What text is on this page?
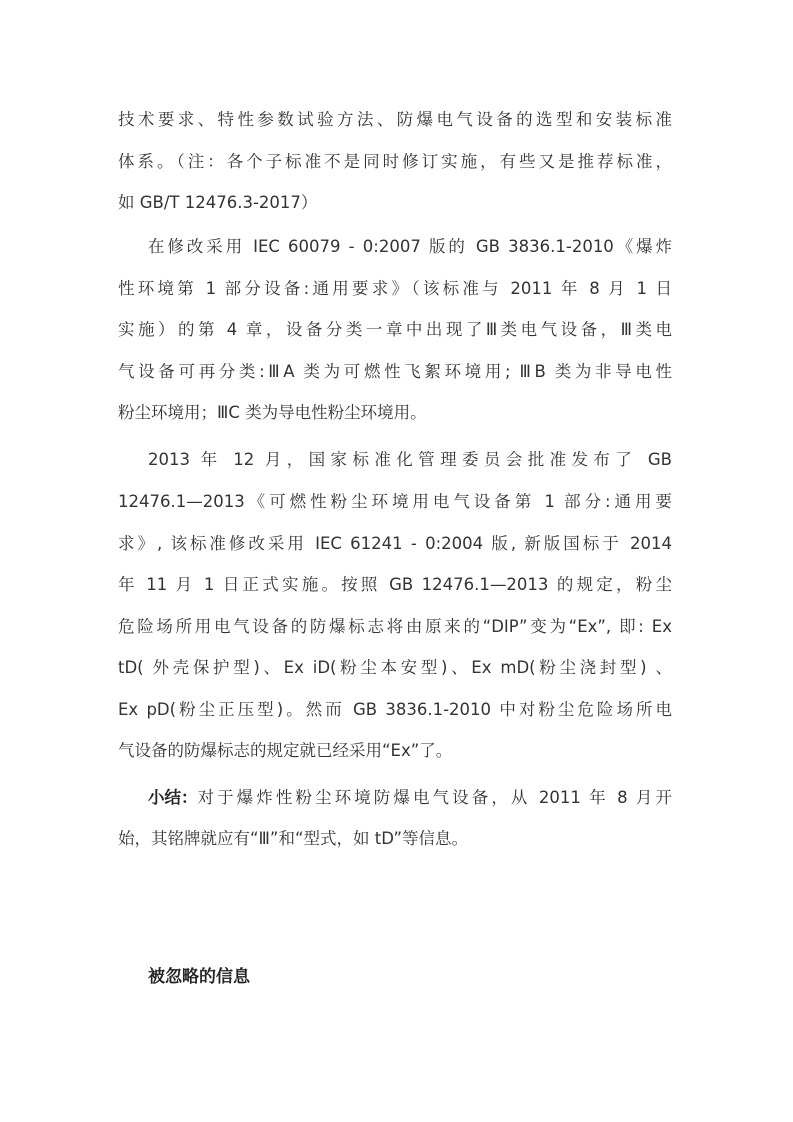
技术要求、特性参数试验方法、防爆电气设备的选型和安装标准
体系。（注：各个子标准不是同时修订实施，有些又是推荐标准，
如 GB/T 12476.3-2017）
在修改采用 IEC 60079 - 0:2007 版的 GB 3836.1-2010《爆炸
性环境第 1 部分设备:通用要求》（该标准与 2011 年 8 月 1 日
实施）的第 4 章，设备分类一章中出现了Ⅲ类电气设备，Ⅲ类电
气设备可再分类:ⅢA 类为可燃性飞絮环境用; ⅢB 类为非导电性
粉尘环境用；ⅢC 类为导电性粉尘环境用。
2013 年 12 月，国家标准化管理委员会批准发布了 GB
12476.1—2013《可燃性粉尘环境用电气设备第 1 部分:通用要
求》, 该标准修改采用 IEC 61241 - 0:2004 版, 新版国标于 2014
年 11 月 1 日正式实施。按照 GB 12476.1—2013 的规定，粉尘
危险场所用电气设备的防爆标志将由原来的“DIP”变为“Ex”, 即: Ex
tD( 外壳保护型)、Ex iD(粉尘本安型)、Ex mD(粉尘浇封型) 、
Ex pD(粉尘正压型)。然而 GB 3836.1-2010 中对粉尘危险场所电
气设备的防爆标志的规定就已经采用“Ex”了。
小结： 对于爆炸性粉尘环境防爆电气设备，从 2011 年 8 月开
始，其铭牌就应有“Ⅲ”和“型式，如 tD”等信息。
被忽略的信息
